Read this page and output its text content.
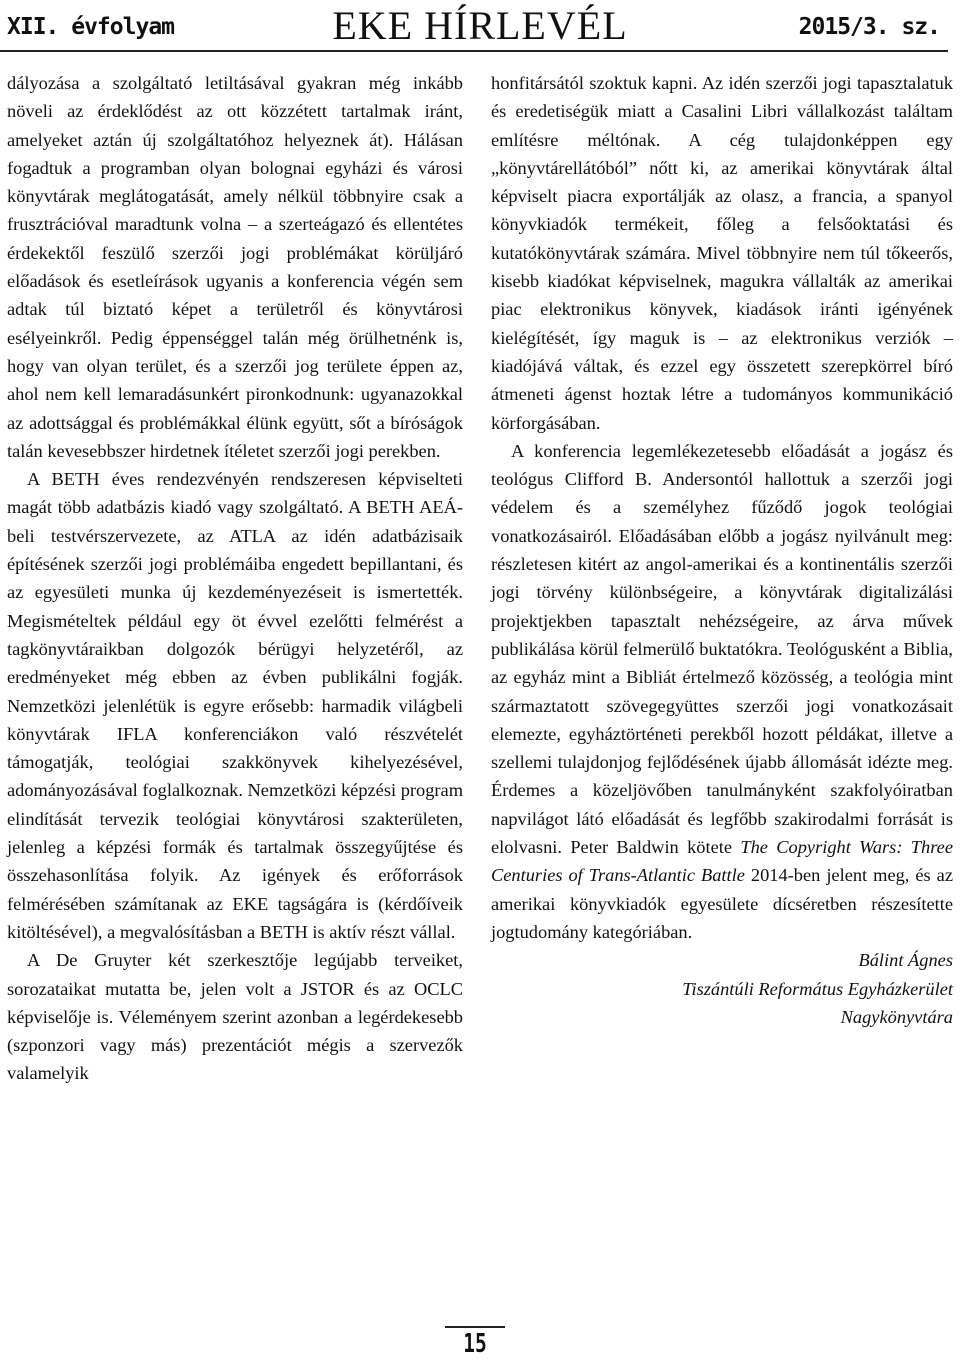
XII. évfolyam	EKE HÍRLEVÉL	2015/3. sz.

dályozása a szolgáltató letiltásával gyakran még inkább növeli az érdeklődést az ott közzétett tartalmak iránt, amelyeket aztán új szolgáltatóhoz helyeznek át). Hálásan fogadtuk a programban olyan bolognai egyházi és városi könyvtárak meglátogatását, amely nélkül többnyire csak a frusztrációval maradtunk volna – a szerteágazó és ellentétes érdekektől feszülő szerzői jogi problémákat körüljáró előadások és esetleírások ugyanis a konferencia végén sem adtak túl biztató képet a területről és könyvtárosi esélyeinkről. Pedig éppenséggel talán még örülhetnénk is, hogy van olyan terület, és a szerzői jog területe éppen az, ahol nem kell lemaradásunkért pironkodnunk: ugyanazokkal az adottsággal és problémákkal élünk együtt, sőt a bíróságok talán kevesebbszer hirdetnek ítéletet szerzői jogi perekben.

A BETH éves rendezvényén rendszeresen képviselteti magát több adatbázis kiadó vagy szolgáltató. A BETH AEÁ-beli testvérszervezete, az ATLA az idén adatbázisaik építésének szerzői jogi problémáiba engedett bepillantani, és az egyesületi munka új kezdeményezéseit is ismertették. Megismételtek például egy öt évvel ezelőtti felmérést a tagkönyvtáraikban dolgozók bérügyi helyzetéről, az eredményeket még ebben az évben publikálni fogják. Nemzetközi jelenlétük is egyre erősebb: harmadik világbeli könyvtárak IFLA konferenciákon való részvételét támogatják, teológiai szakkönyvek kihelyezésével, adományozásával foglalkoznak. Nemzetközi képzési program elindítását tervezik teológiai könyvtárosi szakterületen, jelenleg a képzési formák és tartalmak összegyűjtése és összehasonlítása folyik. Az igények és erőforrások felmérésében számítanak az EKE tagságára is (kérdőíveik kitöltésével), a megvalósításban a BETH is aktív részt vállal.

A De Gruyter két szerkesztője legújabb terveiket, sorozataikat mutatta be, jelen volt a JSTOR és az OCLC képviselője is. Véleményem szerint azonban a legérdekesebb (szponzori vagy más) prezentációt mégis a szervezők valamelyik

honfitársától szoktuk kapni. Az idén szerzői jogi tapasztalatuk és eredetiségük miatt a Casalini Libri vállalkozást találtam említésre méltónak. A cég tulajdonképpen egy „könyvtárellátóból” nőtt ki, az amerikai könyvtárak által képviselt piacra exportálják az olasz, a francia, a spanyol könyvkiadók termékeit, főleg a felsőoktatási és kutatókönyvtárak számára. Mivel többnyire nem túl tőkeerős, kisebb kiadókat képviselnek, magukra vállalták az amerikai piac elektronikus könyvek, kiadások iránti igényének kielégítését, így maguk is – az elektronikus verziók – kiadójává váltak, és ezzel egy összetett szerepkörrel bíró átmeneti ágenst hoztak létre a tudományos kommunikáció körforgásában.

A konferencia legemlékezetesebb előadását a jogász és teológus Clifford B. Andersontól hallottuk a szerzői jogi védelem és a személyhez fűződő jogok teológiai vonatkozásairól. Előadásában előbb a jogász nyilvánult meg: részletesen kitért az angol-amerikai és a kontinentális szerzői jogi törvény különbségeire, a könyvtárak digitalizálási projektjekben tapasztalt nehézségeire, az árva művek publikálása körül felmerülő buktatókra. Teológusként a Biblia, az egyház mint a Bibliát értelmező közösség, a teológia mint származtatott szövegegyüttes szerzői jogi vonatkozásait elemezte, egyháztörténeti perekből hozott példákat, illetve a szellemi tulajdonjog fejlődésének újabb állomását idézte meg. Érdemes a közeljövőben tanulmányként szakfolyóiratban napvilágot látó előadását és legfőbb szakirodalmi forrását is elolvasni. Peter Baldwin kötete The Copyright Wars: Three Centuries of Trans-Atlantic Battle 2014-ben jelent meg, és az amerikai könyvkiadók egyesülete dícséretben részesítette jogtudomány kategóriában.

Bálint Ágnes
Tiszántúli Református Egyházkerület
Nagykönyvtára
15
